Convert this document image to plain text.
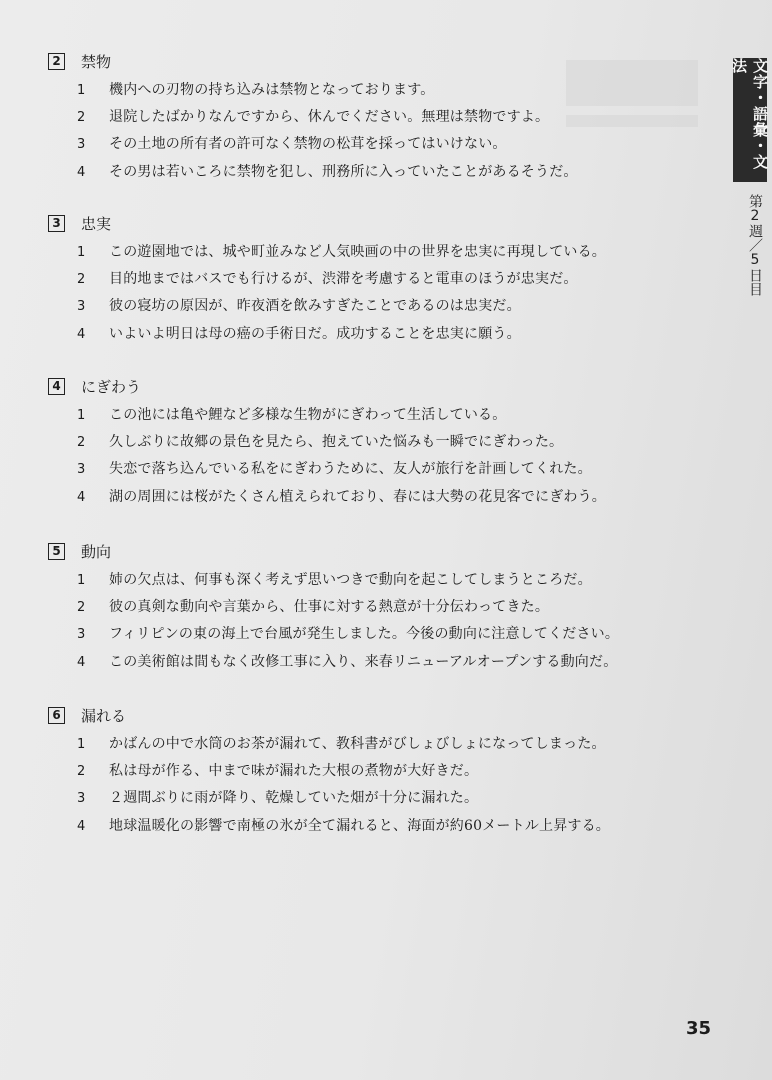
文字・語彙・文法
第2週／5日目
2 禁物
1	機内への刃物の持ち込みは禁物となっております。
2	退院したばかりなんですから、休んでください。無理は禁物ですよ。
3	その土地の所有者の許可なく禁物の松茸を採ってはいけない。
4	その男は若いころに禁物を犯し、刑務所に入っていたことがあるそうだ。
3 忠実
1	この遊園地では、城や町並みなど人気映画の中の世界を忠実に再現している。
2	目的地まではバスでも行けるが、渋滞を考慮すると電車のほうが忠実だ。
3	彼の寝坊の原因が、昨夜酒を飲みすぎたことであるのは忠実だ。
4	いよいよ明日は母の癌の手術日だ。成功することを忠実に願う。
4 にぎわう
1	この池には亀や鯉など多様な生物がにぎわって生活している。
2	久しぶりに故郷の景色を見たら、抱えていた悩みも一瞬でにぎわった。
3	失恋で落ち込んでいる私をにぎわうために、友人が旅行を計画してくれた。
4	湖の周囲には桜がたくさん植えられており、春には大勢の花見客でにぎわう。
5 動向
1	姉の欠点は、何事も深く考えず思いつきで動向を起こしてしまうところだ。
2	彼の真剣な動向や言葉から、仕事に対する熱意が十分伝わってきた。
3	フィリピンの東の海上で台風が発生しました。今後の動向に注意してください。
4	この美術館は間もなく改修工事に入り、来春リニューアルオープンする動向だ。
6 漏れる
1	かばんの中で水筒のお茶が漏れて、教科書がびしょびしょになってしまった。
2	私は母が作る、中まで味が漏れた大根の煮物が大好きだ。
3	２週間ぶりに雨が降り、乾燥していた畑が十分に漏れた。
4	地球温暖化の影響で南極の氷が全て漏れると、海面が約60メートル上昇する。
35
